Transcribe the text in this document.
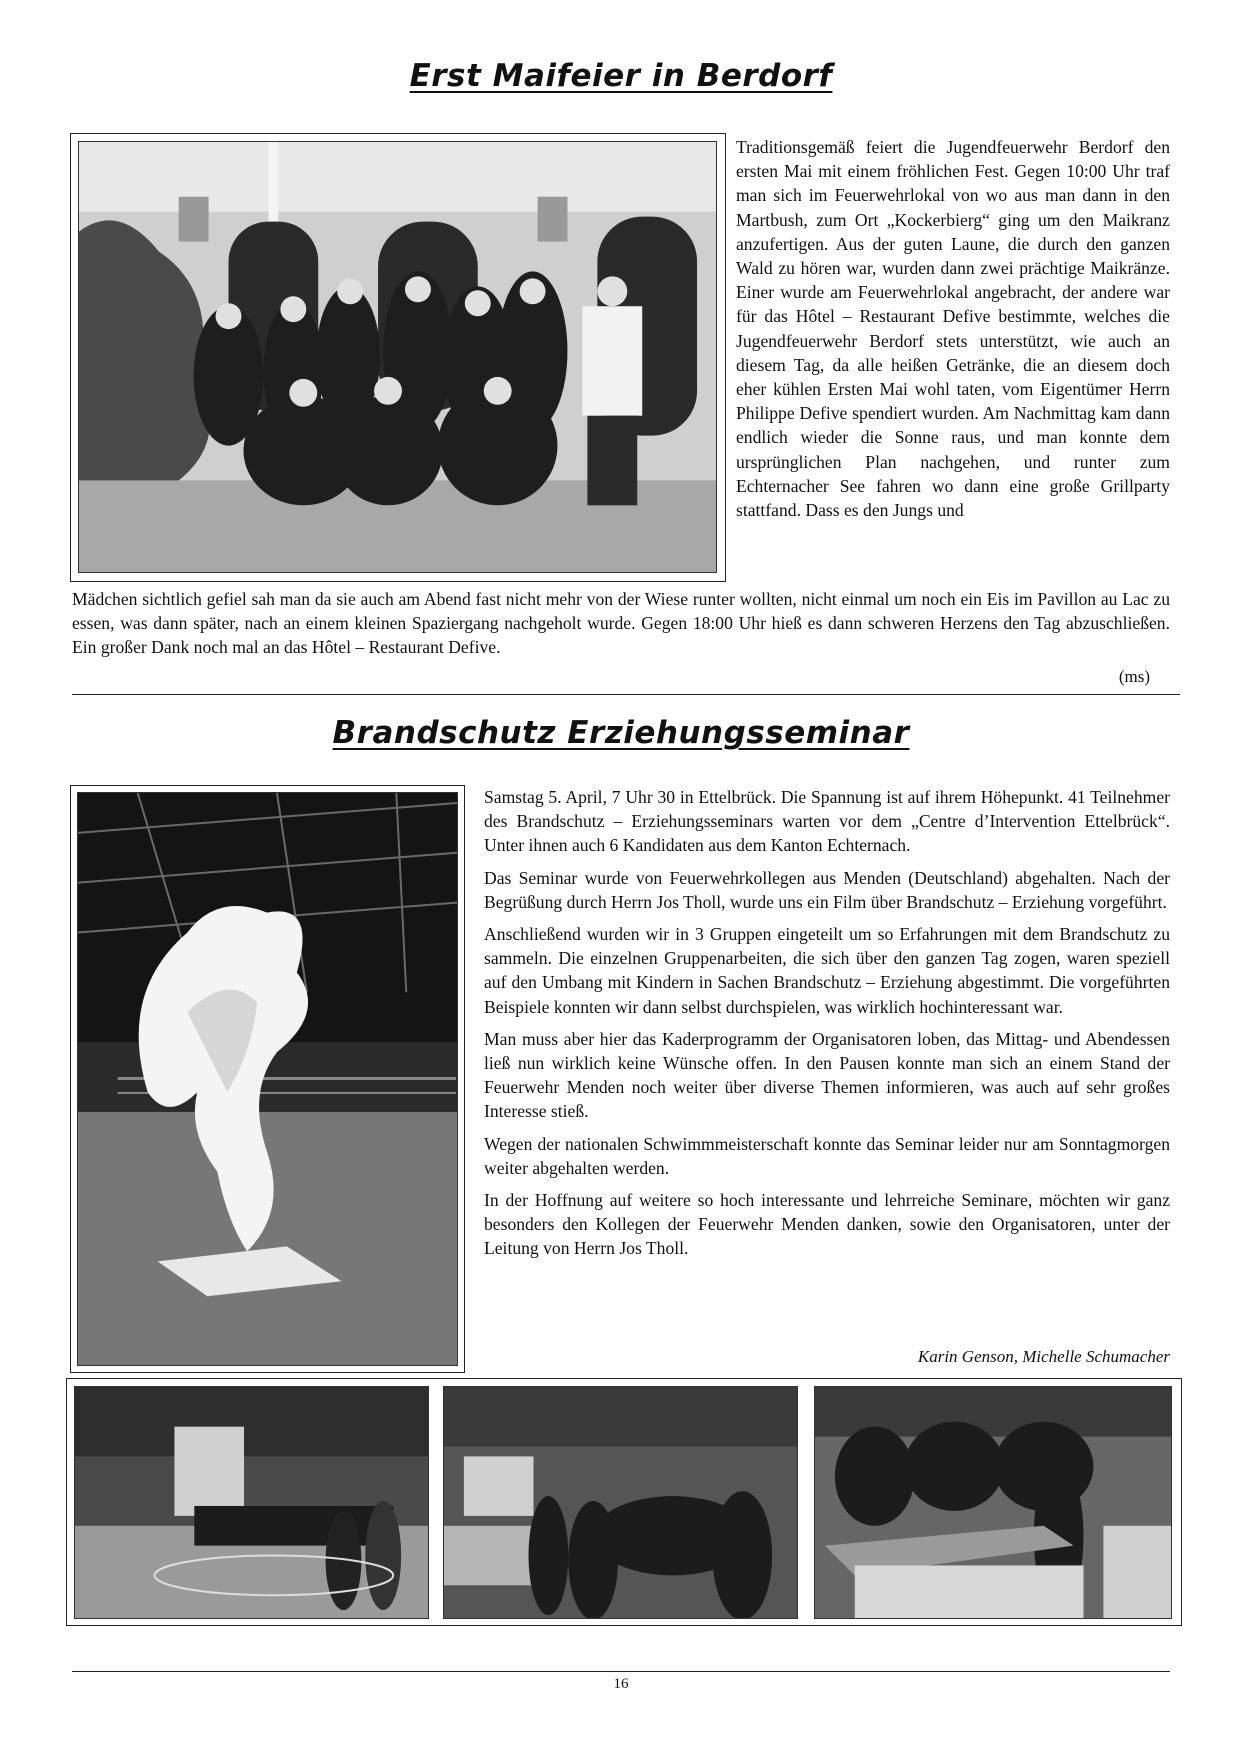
Erst Maifeier in Berdorf

Traditionsgemäß feiert die Jugendfeuerwehr Berdorf den ersten Mai mit einem fröhlichen Fest. Gegen 10:00 Uhr traf man sich im Feuerwehrlokal von wo aus man dann in den Martbush, zum Ort „Kockerbierg“ ging um den Maikranz anzufertigen. Aus der guten Laune, die durch den ganzen Wald zu hören war, wurden dann zwei prächtige Maikränze. Einer wurde am Feuerwehrlokal angebracht, der andere war für das Hôtel – Restaurant Defive bestimmte, welches die Jugendfeuerwehr Berdorf stets unterstützt, wie auch an diesem Tag, da alle heißen Getränke, die an diesem doch eher kühlen Ersten Mai wohl taten, vom Eigentümer Herrn Philippe Defive spendiert wurden. Am Nachmittag kam dann endlich wieder die Sonne raus, und man konnte dem ursprünglichen Plan nachgehen, und runter zum Echternacher See fahren wo dann eine große Grillparty stattfand. Dass es den Jungs und

Mädchen sichtlich gefiel sah man da sie auch am Abend fast nicht mehr von der Wiese runter wollten, nicht einmal um noch ein Eis im Pavillon au Lac zu essen, was dann später, nach an einem kleinen Spaziergang nachgeholt wurde. Gegen 18:00 Uhr hieß es dann schweren Herzens den Tag abzuschließen. Ein großer Dank noch mal an das Hôtel – Restaurant Defive.

(ms)
Brandschutz Erziehungsseminar

Samstag 5. April, 7 Uhr 30 in Ettelbrück. Die Spannung ist auf ihrem Höhepunkt. 41 Teilnehmer des Brandschutz – Erziehungsseminars warten vor dem „Centre d’Intervention Ettelbrück“. Unter ihnen auch 6 Kandidaten aus dem Kanton Echternach.

Das Seminar wurde von Feuerwehrkollegen aus Menden (Deutschland) abgehalten. Nach der Begrüßung durch Herrn Jos Tholl, wurde uns ein Film über Brandschutz – Erziehung vorgeführt.

Anschließend wurden wir in 3 Gruppen eingeteilt um so Erfahrungen mit dem Brandschutz zu sammeln. Die einzelnen Gruppenarbeiten, die sich über den ganzen Tag zogen, waren speziell auf den Umbang mit Kindern in Sachen Brandschutz – Erziehung abgestimmt. Die vorgeführten Beispiele konnten wir dann selbst durchspielen, was wirklich hochinteressant war.

Man muss aber hier das Kaderprogramm der Organisatoren loben, das Mittag- und Abendessen ließ nun wirklich keine Wünsche offen. In den Pausen konnte man sich an einem Stand der Feuerwehr Menden noch weiter über diverse Themen informieren, was auch auf sehr großes Interesse stieß.

Wegen der nationalen Schwimmmeisterschaft konnte das Seminar leider nur am Sonntagmorgen weiter abgehalten werden.

In der Hoffnung auf weitere so hoch interessante und lehrreiche Seminare, möchten wir ganz besonders den Kollegen der Feuerwehr Menden danken, sowie den Organisatoren, unter der Leitung von Herrn Jos Tholl.

Karin Genson, Michelle Schumacher
16
